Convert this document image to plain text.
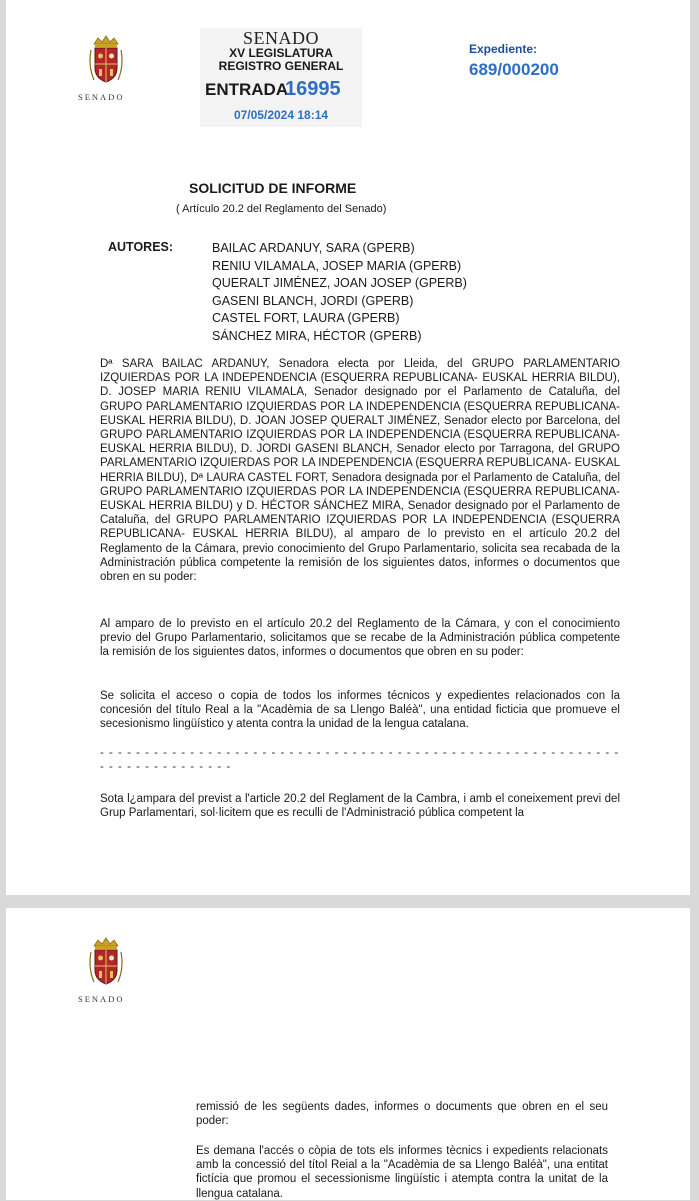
SENADO
SENADO
XV LEGISLATURA
REGISTRO GENERAL
ENTRADA
16995
07/05/2024 18:14
Expediente:
689/000200
SOLICITUD DE INFORME
( Artículo 20.2 del Reglamento del Senado)
AUTORES:	BAILAC ARDANUY, SARA (GPERB)
RENIU VILAMALA, JOSEP MARIA (GPERB)
QUERALT JIMÉNEZ, JOAN JOSEP (GPERB)
GASENI BLANCH, JORDI (GPERB)
CASTEL FORT, LAURA (GPERB)
SÁNCHEZ MIRA, HÉCTOR (GPERB)

Dª SARA BAILAC ARDANUY, Senadora electa por Lleida, del GRUPO PARLAMENTARIO IZQUIERDAS POR LA INDEPENDENCIA (ESQUERRA REPUBLICANA- EUSKAL HERRIA BILDU), D. JOSEP MARIA RENIU VILAMALA, Senador designado por el Parlamento de Cataluña, del GRUPO PARLAMENTARIO IZQUIERDAS POR LA INDEPENDENCIA (ESQUERRA REPUBLICANA- EUSKAL HERRIA BILDU), D. JOAN JOSEP QUERALT JIMÉNEZ, Senador electo por Barcelona, del GRUPO PARLAMENTARIO IZQUIERDAS POR LA INDEPENDENCIA (ESQUERRA REPUBLICANA- EUSKAL HERRIA BILDU), D. JORDI GASENI BLANCH, Senador electo por Tarragona, del GRUPO PARLAMENTARIO IZQUIERDAS POR LA INDEPENDENCIA (ESQUERRA REPUBLICANA- EUSKAL HERRIA BILDU), Dª LAURA CASTEL FORT, Senadora designada por el Parlamento de Cataluña, del GRUPO PARLAMENTARIO IZQUIERDAS POR LA INDEPENDENCIA (ESQUERRA REPUBLICANA- EUSKAL HERRIA BILDU) y D. HÉCTOR SÁNCHEZ MIRA, Senador designado por el Parlamento de Cataluña, del GRUPO PARLAMENTARIO IZQUIERDAS POR LA INDEPENDENCIA (ESQUERRA REPUBLICANA- EUSKAL HERRIA BILDU), al amparo de lo previsto en el artículo 20.2 del Reglamento de la Cámara, previo conocimiento del Grupo Parlamentario, solicita sea recabada de la Administración pública competente la remisión de los siguientes datos, informes o documentos que obren en su poder:

Al amparo de lo previsto en el artículo 20.2 del Reglamento de la Cámara, y con el conocimiento previo del Grupo Parlamentario, solicitamos que se recabe de la Administración pública competente la remisión de los siguientes datos, informes o documentos que obren en su poder:

Se solicita el acceso o copia de todos los informes técnicos y expedientes relacionados con la concesión del título Real a la "Acadèmia de sa Llengo Baléà", una entidad ficticia que promueve el secesionismo lingüístico y atenta contra la unidad de la lengua catalana.

- - - - - - - - - - - - - - - - - - - - - - - - - - - - - - - - - - - - - - - - - - - - - - - - - - - - - - - - - - - - - - - - - - - - - - - - -

Sota l¿ampara del previst a l'article 20.2 del Reglament de la Cambra, i amb el coneixement previ del Grup Parlamentari, sol·licitem que es reculli de l'Administració pública competent la

SENADO

remissió de les següents dades, informes o documents que obren en el seu poder:

Es demana l'accés o còpia de tots els informes tècnics i expedients relacionats amb la concessió del títol Reial a la "Acadèmia de sa Llengo Baléà", una entitat fictícia que promou el secessionisme lingüístic i atempta contra la unitat de la llengua catalana.
